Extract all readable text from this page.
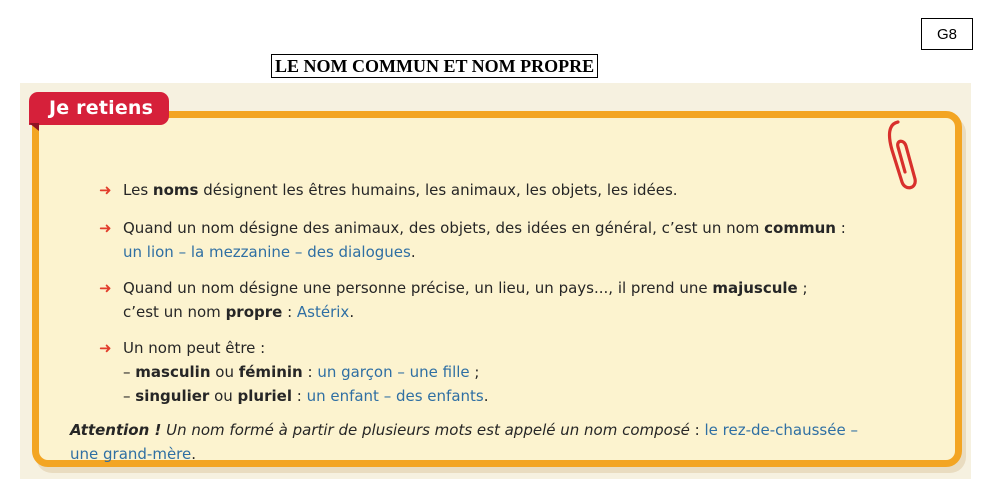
G8
LE NOM COMMUN ET NOM PROPRE
➜ Les noms désignent les êtres humains, les animaux, les objets, les idées.
➜ Quand un nom désigne des animaux, des objets, des idées en général, c’est un nom commun :
un lion – la mezzanine – des dialogues.
➜ Quand un nom désigne une personne précise, un lieu, un pays..., il prend une majuscule ;
c’est un nom propre : Astérix.
➜ Un nom peut être :
– masculin ou féminin : un garçon – une fille ;
– singulier ou pluriel : un enfant – des enfants.
Attention ! Un nom formé à partir de plusieurs mots est appelé un nom composé : le rez-de-chaussée –
une grand-mère.
Je retiens
